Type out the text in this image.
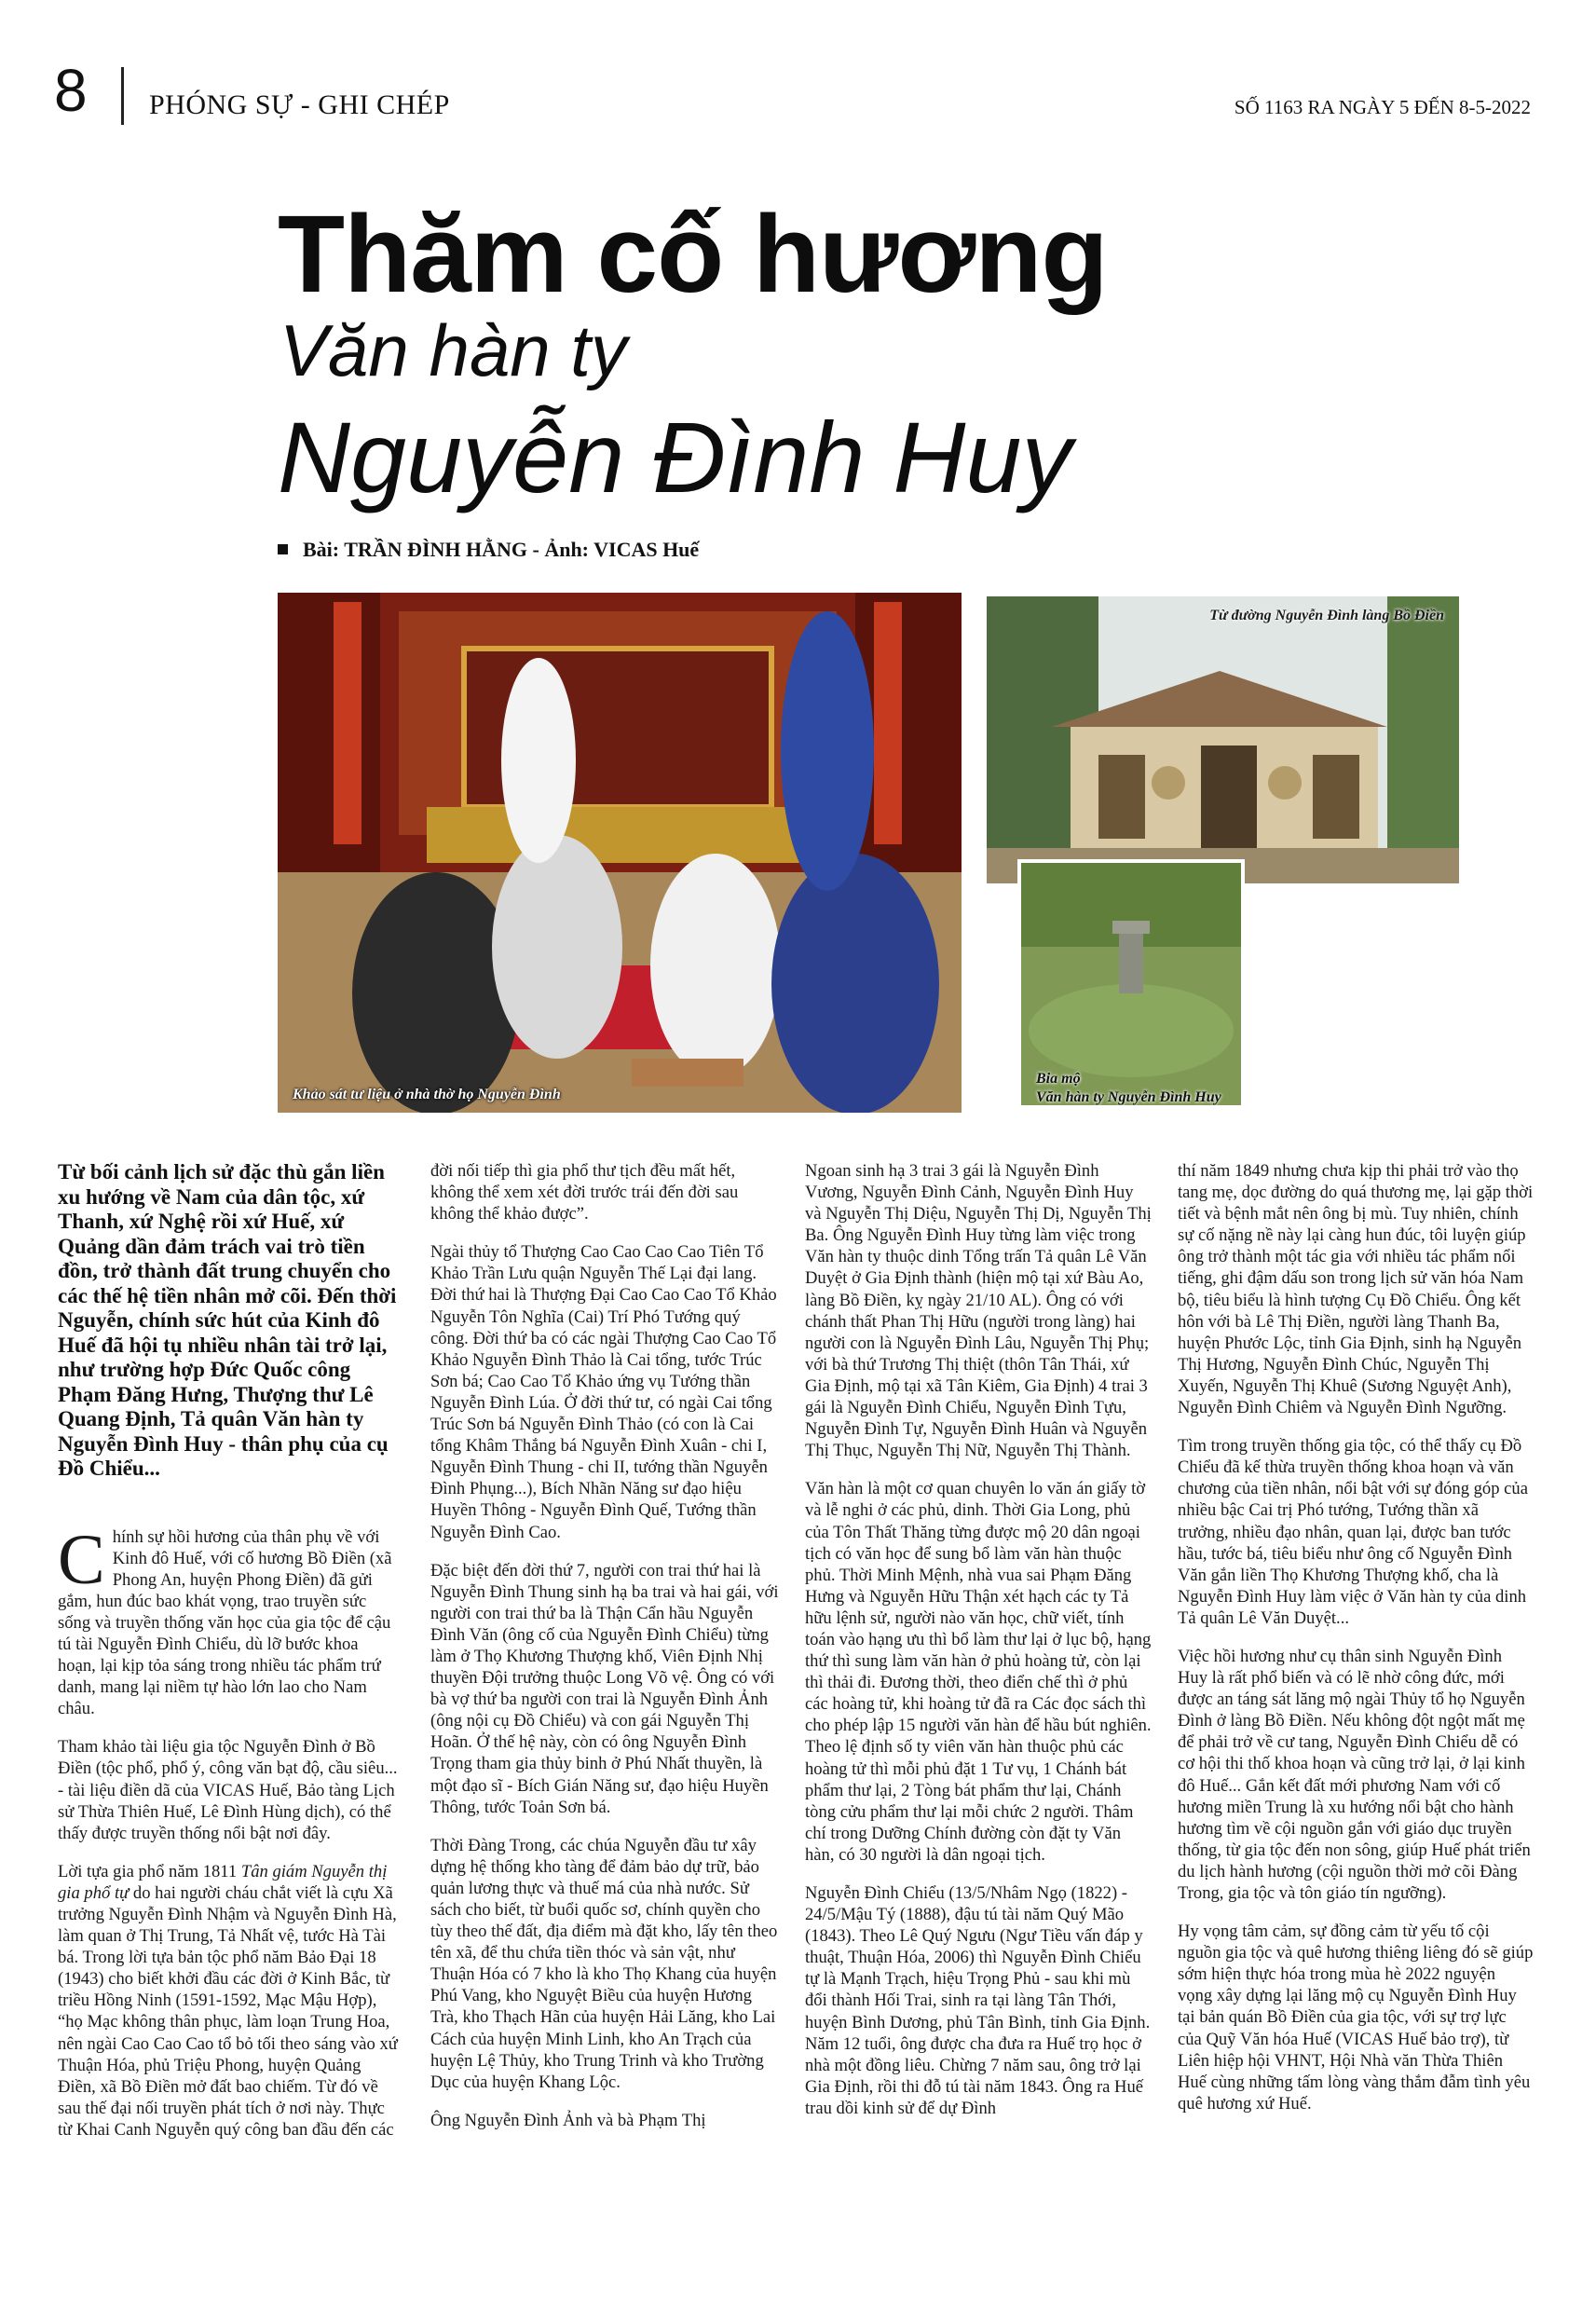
8 PHÓNG SỰ - GHI CHÉP	SỐ 1163 RA NGÀY 5 ĐẾN 8-5-2022
Thăm cố hương
Văn hàn ty
Nguyễn Đình Huy
Bài: TRẦN ĐÌNH HẰNG - Ảnh: VICAS Huế
Khảo sát tư liệu ở nhà thờ họ Nguyễn Đình
Từ đường Nguyễn Đình làng Bồ Điền
Bia mộ
Văn hàn ty Nguyễn Đình Huy

Từ bối cảnh lịch sử đặc thù gắn liền xu hướng về Nam của dân tộc, xứ Thanh, xứ Nghệ rồi xứ Huế, xứ Quảng dần đảm trách vai trò tiền đồn, trở thành đất trung chuyển cho các thế hệ tiền nhân mở cõi. Đến thời Nguyễn, chính sức hút của Kinh đô Huế đã hội tụ nhiều nhân tài trở lại, như trường hợp Đức Quốc công Phạm Đăng Hưng, Thượng thư Lê Quang Định, Tả quân Văn hàn ty Nguyễn Đình Huy - thân phụ của cụ Đồ Chiểu...

Chính sự hồi hương của thân phụ về với Kinh đô Huế, với cố hương Bồ Điền (xã Phong An, huyện Phong Điền) đã gửi gắm, hun đúc bao khát vọng, trao truyền sức sống và truyền thống văn học của gia tộc để cậu tú tài Nguyễn Đình Chiểu, dù lỡ bước khoa hoạn, lại kịp tỏa sáng trong nhiều tác phẩm trứ danh, mang lại niềm tự hào lớn lao cho Nam châu.

Tham khảo tài liệu gia tộc Nguyễn Đình ở Bồ Điền (tộc phổ, phổ ý, công văn bạt độ, cầu siêu... - tài liệu điền dã của VICAS Huế, Bảo tàng Lịch sử Thừa Thiên Huế, Lê Đình Hùng dịch), có thể thấy được truyền thống nổi bật nơi đây.

Lời tựa gia phổ năm 1811 Tân giám Nguyễn thị gia phổ tự do hai người cháu chắt viết là cựu Xã trưởng Nguyễn Đình Nhậm và Nguyễn Đình Hà, làm quan ở Thị Trung, Tả Nhất vệ, tước Hà Tài bá. Trong lời tựa bản tộc phổ năm Bảo Đại 18 (1943) cho biết khởi đầu các đời ở Kinh Bắc, từ triều Hồng Ninh (1591-1592, Mạc Mậu Hợp), “họ Mạc không thân phục, làm loạn Trung Hoa, nên ngài Cao Cao Cao tổ bỏ tối theo sáng vào xứ Thuận Hóa, phủ Triệu Phong, huyện Quảng Điền, xã Bồ Điền mở đất bao chiếm. Từ đó về sau thế đại nối truyền phát tích ở nơi này. Thực từ Khai Canh Nguyễn quý công ban đầu đến các

đời nối tiếp thì gia phổ thư tịch đều mất hết, không thể xem xét đời trước trái đến đời sau không thể khảo được”.

Ngài thủy tổ Thượng Cao Cao Cao Cao Tiên Tổ Khảo Trần Lưu quận Nguyễn Thế Lại đại lang. Đời thứ hai là Thượng Đại Cao Cao Cao Tổ Khảo Nguyễn Tôn Nghĩa (Cai) Trí Phó Tướng quý công. Đời thứ ba có các ngài Thượng Cao Cao Tổ Khảo Nguyễn Đình Thảo là Cai tổng, tước Trúc Sơn bá; Cao Cao Tổ Khảo ứng vụ Tướng thần Nguyễn Đình Lúa. Ở đời thứ tư, có ngài Cai tổng Trúc Sơn bá Nguyễn Đình Thảo (có con là Cai tổng Khâm Thắng bá Nguyễn Đình Xuân - chi I, Nguyễn Đình Thung - chi II, tướng thần Nguyễn Đình Phụng...), Bích Nhãn Năng sư đạo hiệu Huyền Thông - Nguyễn Đình Quế, Tướng thần Nguyễn Đình Cao.

Đặc biệt đến đời thứ 7, người con trai thứ hai là Nguyễn Đình Thung sinh hạ ba trai và hai gái, với người con trai thứ ba là Thận Cẩn hầu Nguyễn Đình Văn (ông cố của Nguyễn Đình Chiểu) từng làm ở Thọ Khương Thượng khố, Viên Định Nhị thuyền Đội trưởng thuộc Long Võ vệ. Ông có với bà vợ thứ ba người con trai là Nguyễn Đình Ảnh (ông nội cụ Đồ Chiểu) và con gái Nguyễn Thị Hoãn. Ở thế hệ này, còn có ông Nguyễn Đình Trọng tham gia thủy binh ở Phú Nhất thuyền, là một đạo sĩ - Bích Gián Năng sư, đạo hiệu Huyền Thông, tước Toản Sơn bá.

Thời Đàng Trong, các chúa Nguyễn đầu tư xây dựng hệ thống kho tàng để đảm bảo dự trữ, bảo quản lương thực và thuế má của nhà nước. Sử sách cho biết, từ buổi quốc sơ, chính quyền cho tùy theo thế đất, địa điểm mà đặt kho, lấy tên theo tên xã, để thu chứa tiền thóc và sản vật, như Thuận Hóa có 7 kho là kho Thọ Khang của huyện Phú Vang, kho Nguyệt Biều của huyện Hương Trà, kho Thạch Hãn của huyện Hải Lăng, kho Lai Cách của huyện Minh Linh, kho An Trạch của huyện Lệ Thủy, kho Trung Trinh và kho Trường Dục của huyện Khang Lộc.

Ông Nguyễn Đình Ảnh và bà Phạm Thị

Ngoan sinh hạ 3 trai 3 gái là Nguyễn Đình Vương, Nguyễn Đình Cảnh, Nguyễn Đình Huy và Nguyễn Thị Diệu, Nguyễn Thị Dị, Nguyễn Thị Ba. Ông Nguyễn Đình Huy từng làm việc trong Văn hàn ty thuộc dinh Tổng trấn Tả quân Lê Văn Duyệt ở Gia Định thành (hiện mộ tại xứ Bàu Ao, làng Bồ Điền, kỵ ngày 21/10 AL). Ông có với chánh thất Phan Thị Hữu (người trong làng) hai người con là Nguyễn Đình Lâu, Nguyễn Thị Phụ; với bà thứ Trương Thị thiệt (thôn Tân Thái, xứ Gia Định, mộ tại xã Tân Kiêm, Gia Định) 4 trai 3 gái là Nguyễn Đình Chiểu, Nguyễn Đình Tựu, Nguyễn Đình Tự, Nguyễn Đình Huân và Nguyễn Thị Thục, Nguyễn Thị Nữ, Nguyễn Thị Thành.

Văn hàn là một cơ quan chuyên lo văn án giấy tờ và lễ nghi ở các phủ, dinh. Thời Gia Long, phủ của Tôn Thất Thăng từng được mộ 20 dân ngoại tịch có văn học để sung bổ làm văn hàn thuộc phủ. Thời Minh Mệnh, nhà vua sai Phạm Đăng Hưng và Nguyễn Hữu Thận xét hạch các ty Tả hữu lệnh sử, người nào văn học, chữ viết, tính toán vào hạng ưu thì bổ làm thư lại ở lục bộ, hạng thứ thì sung làm văn hàn ở phủ hoàng tử, còn lại thì thải đi. Đương thời, theo điển chế thì ở phủ các hoàng tử, khi hoàng tử đã ra Các đọc sách thì cho phép lập 15 người văn hàn để hầu bút nghiên. Theo lệ định số ty viên văn hàn thuộc phủ các hoàng tử thì mỗi phủ đặt 1 Tư vụ, 1 Chánh bát phẩm thư lại, 2 Tòng bát phẩm thư lại, Chánh tòng cửu phẩm thư lại mỗi chức 2 người. Thâm chí trong Dưỡng Chính đường còn đặt ty Văn hàn, có 30 người là dân ngoại tịch.

Nguyễn Đình Chiểu (13/5/Nhâm Ngọ (1822) - 24/5/Mậu Tý (1888), đậu tú tài năm Quý Mão (1843). Theo Lê Quý Ngưu (Ngư Tiều vấn đáp y thuật, Thuận Hóa, 2006) thì Nguyễn Đình Chiểu tự là Mạnh Trạch, hiệu Trọng Phủ - sau khi mù đổi thành Hối Trai, sinh ra tại làng Tân Thới, huyện Bình Dương, phủ Tân Bình, tỉnh Gia Định. Năm 12 tuổi, ông được cha đưa ra Huế trọ học ở nhà một đồng liêu. Chừng 7 năm sau, ông trở lại Gia Định, rồi thi đỗ tú tài năm 1843. Ông ra Huế trau dồi kinh sử để dự Đình

thí năm 1849 nhưng chưa kịp thi phải trở vào thọ tang mẹ, dọc đường do quá thương mẹ, lại gặp thời tiết và bệnh mắt nên ông bị mù. Tuy nhiên, chính sự cố nặng nề này lại càng hun đúc, tôi luyện giúp ông trở thành một tác gia với nhiều tác phẩm nổi tiếng, ghi đậm dấu son trong lịch sử văn hóa Nam bộ, tiêu biểu là hình tượng Cụ Đồ Chiểu. Ông kết hôn với bà Lê Thị Điền, người làng Thanh Ba, huyện Phước Lộc, tỉnh Gia Định, sinh hạ Nguyễn Thị Hương, Nguyễn Đình Chúc, Nguyễn Thị Xuyến, Nguyễn Thị Khuê (Sương Nguyệt Anh), Nguyễn Đình Chiêm và Nguyễn Đình Ngưỡng.

Tìm trong truyền thống gia tộc, có thể thấy cụ Đồ Chiểu đã kế thừa truyền thống khoa hoạn và văn chương của tiền nhân, nổi bật với sự đóng góp của nhiều bậc Cai trị Phó tướng, Tướng thần xã trưởng, nhiều đạo nhân, quan lại, được ban tước hầu, tước bá, tiêu biểu như ông cố Nguyễn Đình Văn gắn liền Thọ Khương Thượng khố, cha là Nguyễn Đình Huy làm việc ở Văn hàn ty của dinh Tả quân Lê Văn Duyệt...

Việc hồi hương như cụ thân sinh Nguyễn Đình Huy là rất phổ biến và có lẽ nhờ công đức, mới được an táng sát lăng mộ ngài Thủy tổ họ Nguyễn Đình ở làng Bồ Điền. Nếu không đột ngột mất mẹ để phải trở về cư tang, Nguyễn Đình Chiểu dễ có cơ hội thi thố khoa hoạn và cũng trở lại, ở lại kinh đô Huế... Gắn kết đất mới phương Nam với cố hương miền Trung là xu hướng nổi bật cho hành hương tìm về cội nguồn gắn với giáo dục truyền thống, từ gia tộc đến non sông, giúp Huế phát triển du lịch hành hương (cội nguồn thời mở cõi Đàng Trong, gia tộc và tôn giáo tín ngưỡng).

Hy vọng tâm cảm, sự đồng cảm từ yếu tố cội nguồn gia tộc và quê hương thiêng liêng đó sẽ giúp sớm hiện thực hóa trong mùa hè 2022 nguyện vọng xây dựng lại lăng mộ cụ Nguyễn Đình Huy tại bản quán Bồ Điền của gia tộc, với sự trợ lực của Quỹ Văn hóa Huế (VICAS Huế bảo trợ), từ Liên hiệp hội VHNT, Hội Nhà văn Thừa Thiên Huế cùng những tấm lòng vàng thắm đẫm tình yêu quê hương xứ Huế.
